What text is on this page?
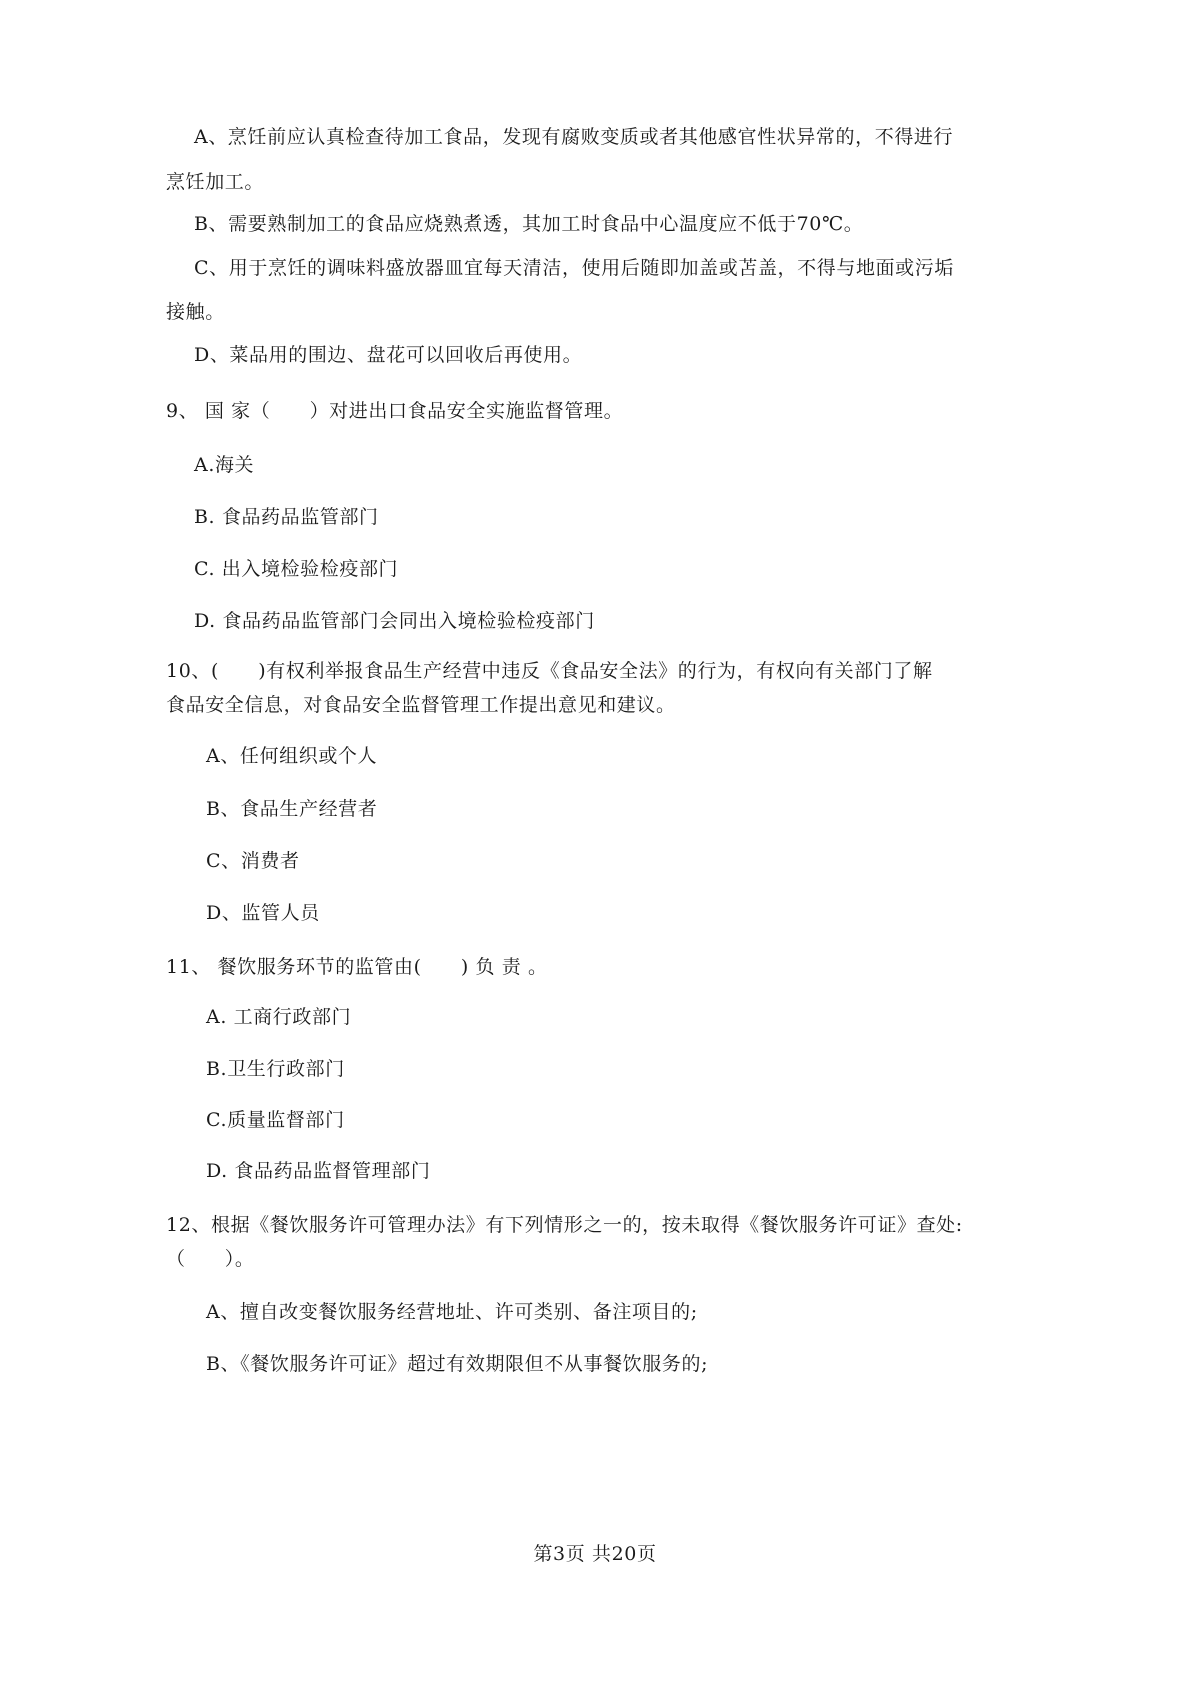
A、烹饪前应认真检查待加工食品，发现有腐败变质或者其他感官性状异常的，不得进行
烹饪加工。
B、需要熟制加工的食品应烧熟煮透，其加工时食品中心温度应不低于70℃。
C、用于烹饪的调味料盛放器皿宜每天清洁，使用后随即加盖或苫盖，不得与地面或污垢
接触。
D、菜品用的围边、盘花可以回收后再使用。
9、 国 家（　　）对进出口食品安全实施监督管理。
A.海关
B. 食品药品监管部门
C. 出入境检验检疫部门
D. 食品药品监管部门会同出入境检验检疫部门
10、(　　)有权利举报食品生产经营中违反《食品安全法》的行为，有权向有关部门了解
食品安全信息，对食品安全监督管理工作提出意见和建议。
A、任何组织或个人
B、食品生产经营者
C、消费者
D、监管人员
11、 餐饮服务环节的监管由(　　) 负 责 。
A. 工商行政部门
B.卫生行政部门
C.质量监督部门
D. 食品药品监督管理部门
12、根据《餐饮服务许可管理办法》有下列情形之一的，按未取得《餐饮服务许可证》查处:
（　　）。
A、擅自改变餐饮服务经营地址、许可类别、备注项目的;
B、《餐饮服务许可证》超过有效期限但不从事餐饮服务的;
第3页 共20页
